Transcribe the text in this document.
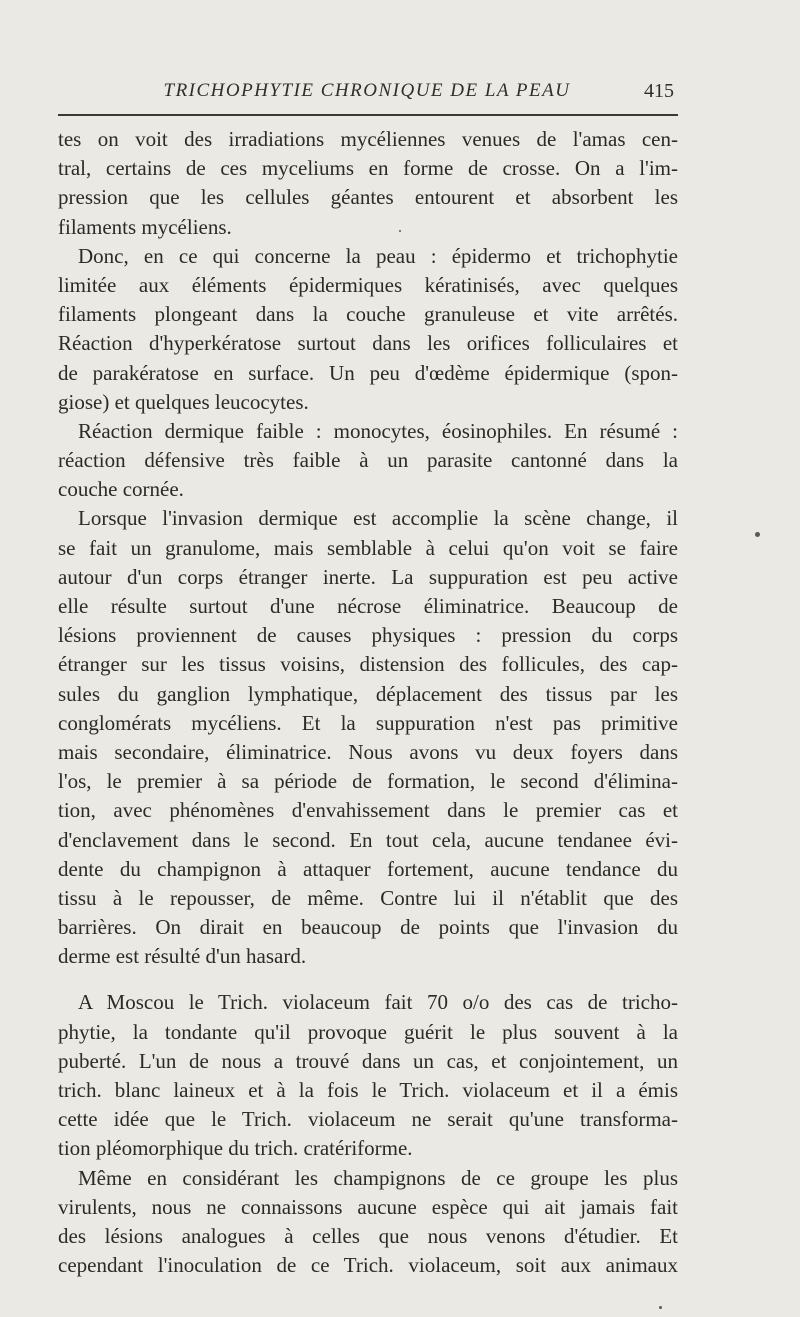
TRICHOPHYTIE CHRONIQUE DE LA PEAU	415
tes on voit des irradiations mycéliennes venues de l'amas cen-
tral, certains de ces myceliums en forme de crosse. On a l'im-
pression que les cellules géantes entourent et absorbent les
filaments mycéliens.
Donc, en ce qui concerne la peau : épidermo et trichophytie
limitée aux éléments épidermiques kératinisés, avec quelques
filaments plongeant dans la couche granuleuse et vite arrêtés.
Réaction d'hyperkératose surtout dans les orifices folliculaires et
de parakératose en surface. Un peu d'œdème épidermique (spon-
giose) et quelques leucocytes.
Réaction dermique faible : monocytes, éosinophiles. En résumé :
réaction défensive très faible à un parasite cantonné dans la
couche cornée.
Lorsque l'invasion dermique est accomplie la scène change, il
se fait un granulome, mais semblable à celui qu'on voit se faire
autour d'un corps étranger inerte. La suppuration est peu active
elle résulte surtout d'une nécrose éliminatrice. Beaucoup de
lésions proviennent de causes physiques : pression du corps
étranger sur les tissus voisins, distension des follicules, des cap-
sules du ganglion lymphatique, déplacement des tissus par les
conglomérats mycéliens. Et la suppuration n'est pas primitive
mais secondaire, éliminatrice. Nous avons vu deux foyers dans
l'os, le premier à sa période de formation, le second d'élimina-
tion, avec phénomènes d'envahissement dans le premier cas et
d'enclavement dans le second. En tout cela, aucune tendanee évi-
dente du champignon à attaquer fortement, aucune tendance du
tissu à le repousser, de même. Contre lui il n'établit que des
barrières. On dirait en beaucoup de points que l'invasion du
derme est résulté d'un hasard.
A Moscou le Trich. violaceum fait 70 o/o des cas de tricho-
phytie, la tondante qu'il provoque guérit le plus souvent à la
puberté. L'un de nous a trouvé dans un cas, et conjointement, un
trich. blanc laineux et à la fois le Trich. violaceum et il a émis
cette idée que le Trich. violaceum ne serait qu'une transforma-
tion pléomorphique du trich. cratériforme.
Même en considérant les champignons de ce groupe les plus
virulents, nous ne connaissons aucune espèce qui ait jamais fait
des lésions analogues à celles que nous venons d'étudier. Et
cependant l'inoculation de ce Trich. violaceum, soit aux animaux
